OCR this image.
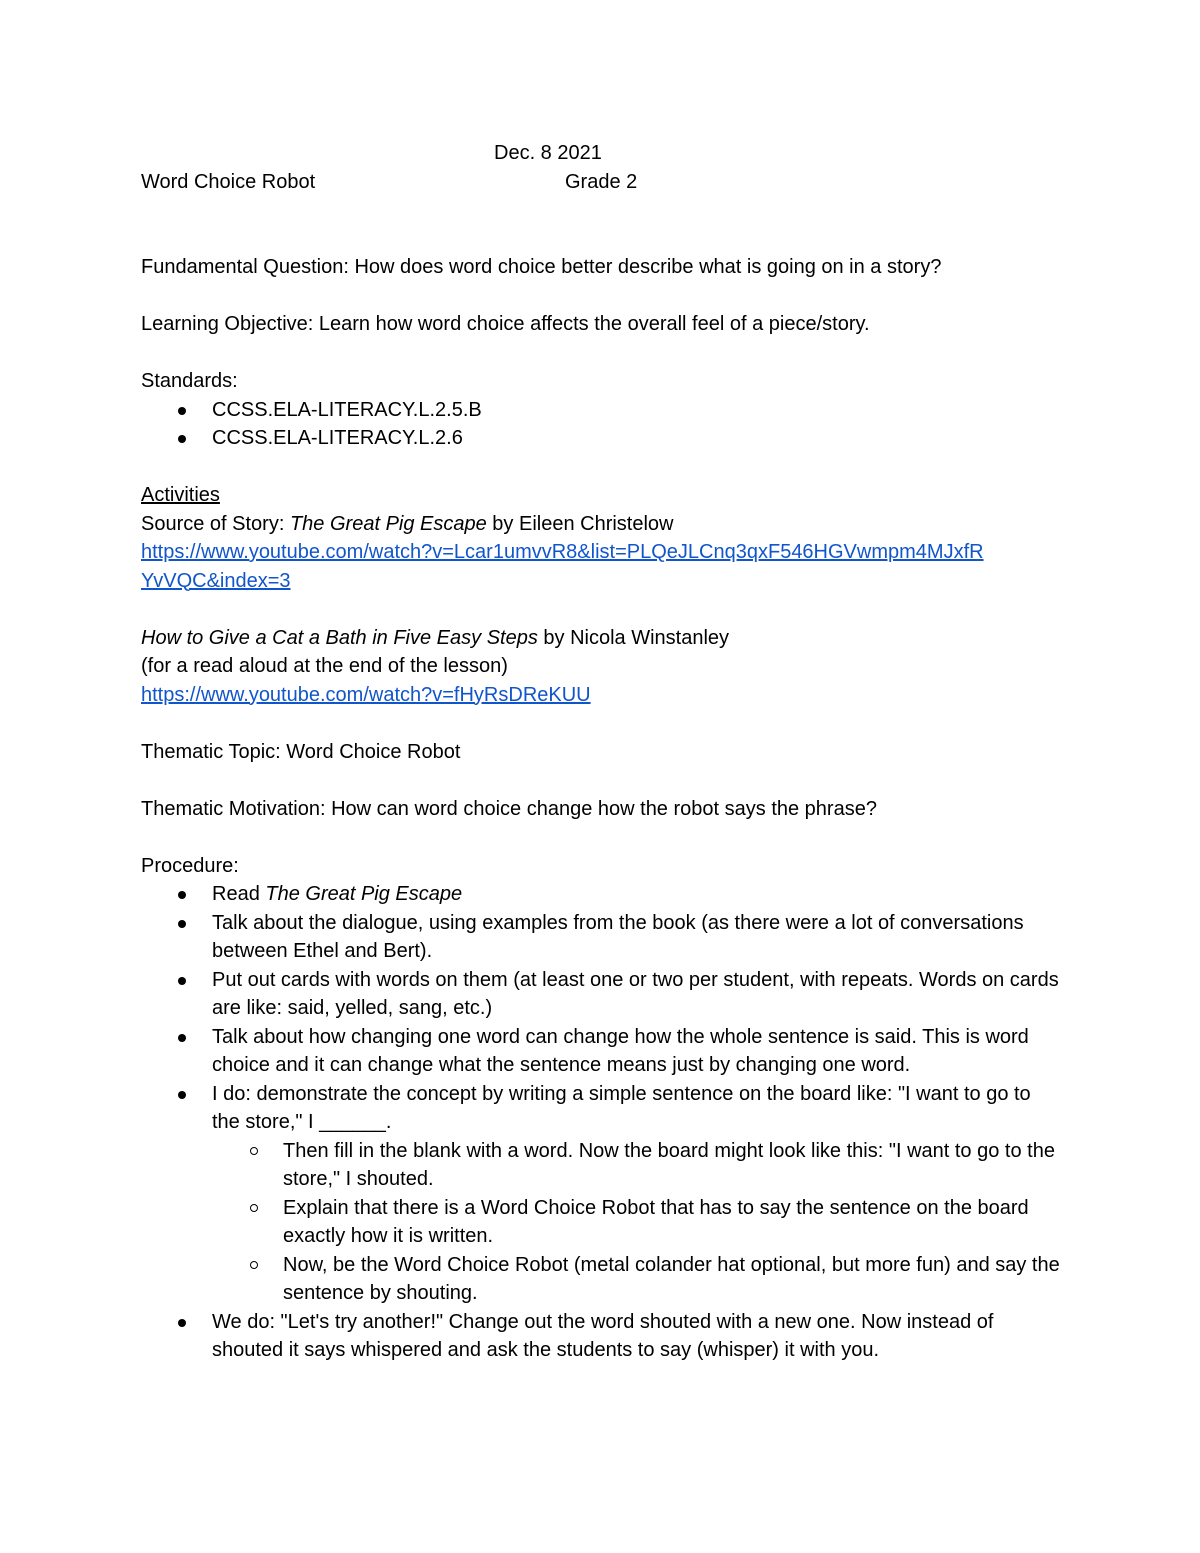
Dec. 8 2021
Word Choice Robot	Grade 2
Fundamental Question: How does word choice better describe what is going on in a story?
Learning Objective: Learn how word choice affects the overall feel of a piece/story.
Standards:
CCSS.ELA-LITERACY.L.2.5.B
CCSS.ELA-LITERACY.L.2.6
Activities
Source of Story: The Great Pig Escape by Eileen Christelow
https://www.youtube.com/watch?v=Lcar1umvvR8&list=PLQeJLCnq3qxF546HGVwmpm4MJxfR
YvVQC&index=3
How to Give a Cat a Bath in Five Easy Steps by Nicola Winstanley
(for a read aloud at the end of the lesson)
https://www.youtube.com/watch?v=fHyRsDReKUU
Thematic Topic: Word Choice Robot
Thematic Motivation: How can word choice change how the robot says the phrase?
Procedure:
Read The Great Pig Escape
Talk about the dialogue, using examples from the book (as there were a lot of conversations between Ethel and Bert).
Put out cards with words on them (at least one or two per student, with repeats. Words on cards are like: said, yelled, sang, etc.)
Talk about how changing one word can change how the whole sentence is said. This is word choice and it can change what the sentence means just by changing one word.
I do: demonstrate the concept by writing a simple sentence on the board like: "I want to go to the store," I ______.
Then fill in the blank with a word. Now the board might look like this: "I want to go to the store," I shouted.
Explain that there is a Word Choice Robot that has to say the sentence on the board exactly how it is written.
Now, be the Word Choice Robot (metal colander hat optional, but more fun) and say the sentence by shouting.
We do: "Let's try another!" Change out the word shouted with a new one. Now instead of shouted it says whispered and ask the students to say (whisper) it with you.
